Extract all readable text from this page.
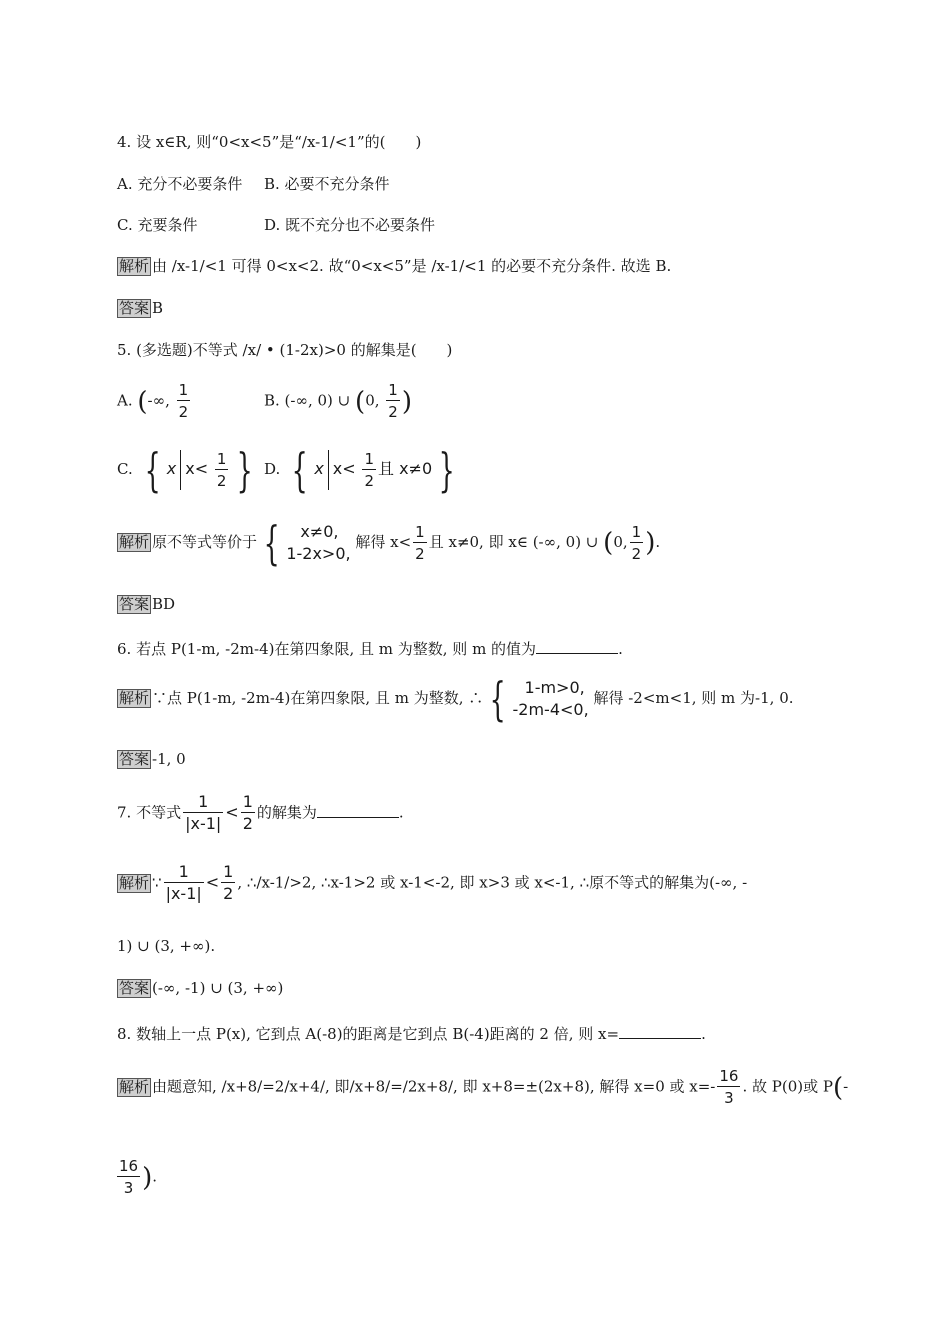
4. 设 x∈R, 则“0<x<5”是“/x-1/<1”的(　　)
A. 充分不必要条件 B. 必要不充分条件
C. 充要条件	D. 既不充分也不必要条件
解析 由 /x-1/<1 可得 0<x<2. 故“0<x<5”是 /x-1/<1 的必要不充分条件. 故选 B.
答案 B
5. (多选题)不等式 /x/ • (1-2x)>0 的解集是(　　)
A. (-∞, $\frac{1}{2}$	B. (-∞, 0) ∪ (0, $\frac{1}{2}$ )
C. { x $x< \frac{1}{2}$ } D. { x $x< \frac{1}{2}$ 且 x≠0 }
解析 原不等式等价于 {	x≠0,
1-2x>0,
解得 $x< \frac{1}{2}$ 且 x≠0, 即 x∈ (-∞, 0) ∪ (0, $\frac{1}{2}$ ).
答案 BD
6. 若点 P(1-m, -2m-4)在第四象限, 且 m 为整数, 则 m 的值为	.
解析 ∵点 P(1-m, -2m-4)在第四象限, 且 m 为整数, ∴ {	1-m>0,
-2m-4<0,
解得 -2<m<1, 则 m 为-1, 0.
答案 -1, 0
7. 不等式 $\frac{1}{|x-1|} < \frac{1}{2}$ 的解集为	.
解析 ∵ $\frac{1}{|x-1|} < \frac{1}{2}$ , ∴/x-1/>2, ∴x-1>2 或 x-1<-2, 即 x>3 或 x<-1, ∴原不等式的解集为(-∞, -
1) ∪ (3, +∞).
答案 (-∞, -1) ∪ (3, +∞)
8. 数轴上一点 P(x), 它到点 A(-8)的距离是它到点 B(-4)距离的 2 倍, 则 x=	.
解析 由题意知, /x+8/=2/x+4/, 即/x+8/=/2x+8/, 即 x+8=±(2x+8), 解得 x=0 或 $x=- \frac{16}{3}$ . 故 P(0)或 P(-
$\frac{16}{3}$ ).
